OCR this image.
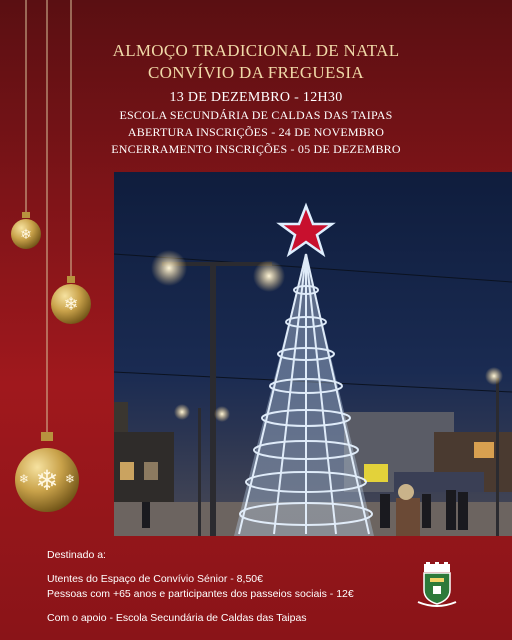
❄
❄
❄
❄	❄
ALMOÇO TRADICIONAL DE NATAL
CONVÍVIO DA FREGUESIA
13 DE DEZEMBRO - 12H30
ESCOLA SECUNDÁRIA DE CALDAS DAS TAIPAS
ABERTURA INSCRIÇÕES - 24 DE NOVEMBRO
ENCERRAMENTO INSCRIÇÕES - 05 DE DEZEMBRO
Destinado a:
Utentes do Espaço de Convívio Sénior - 8,50€
Pessoas com +65 anos e participantes dos passeios sociais - 12€
Com o apoio - Escola Secundária de Caldas das Taipas
